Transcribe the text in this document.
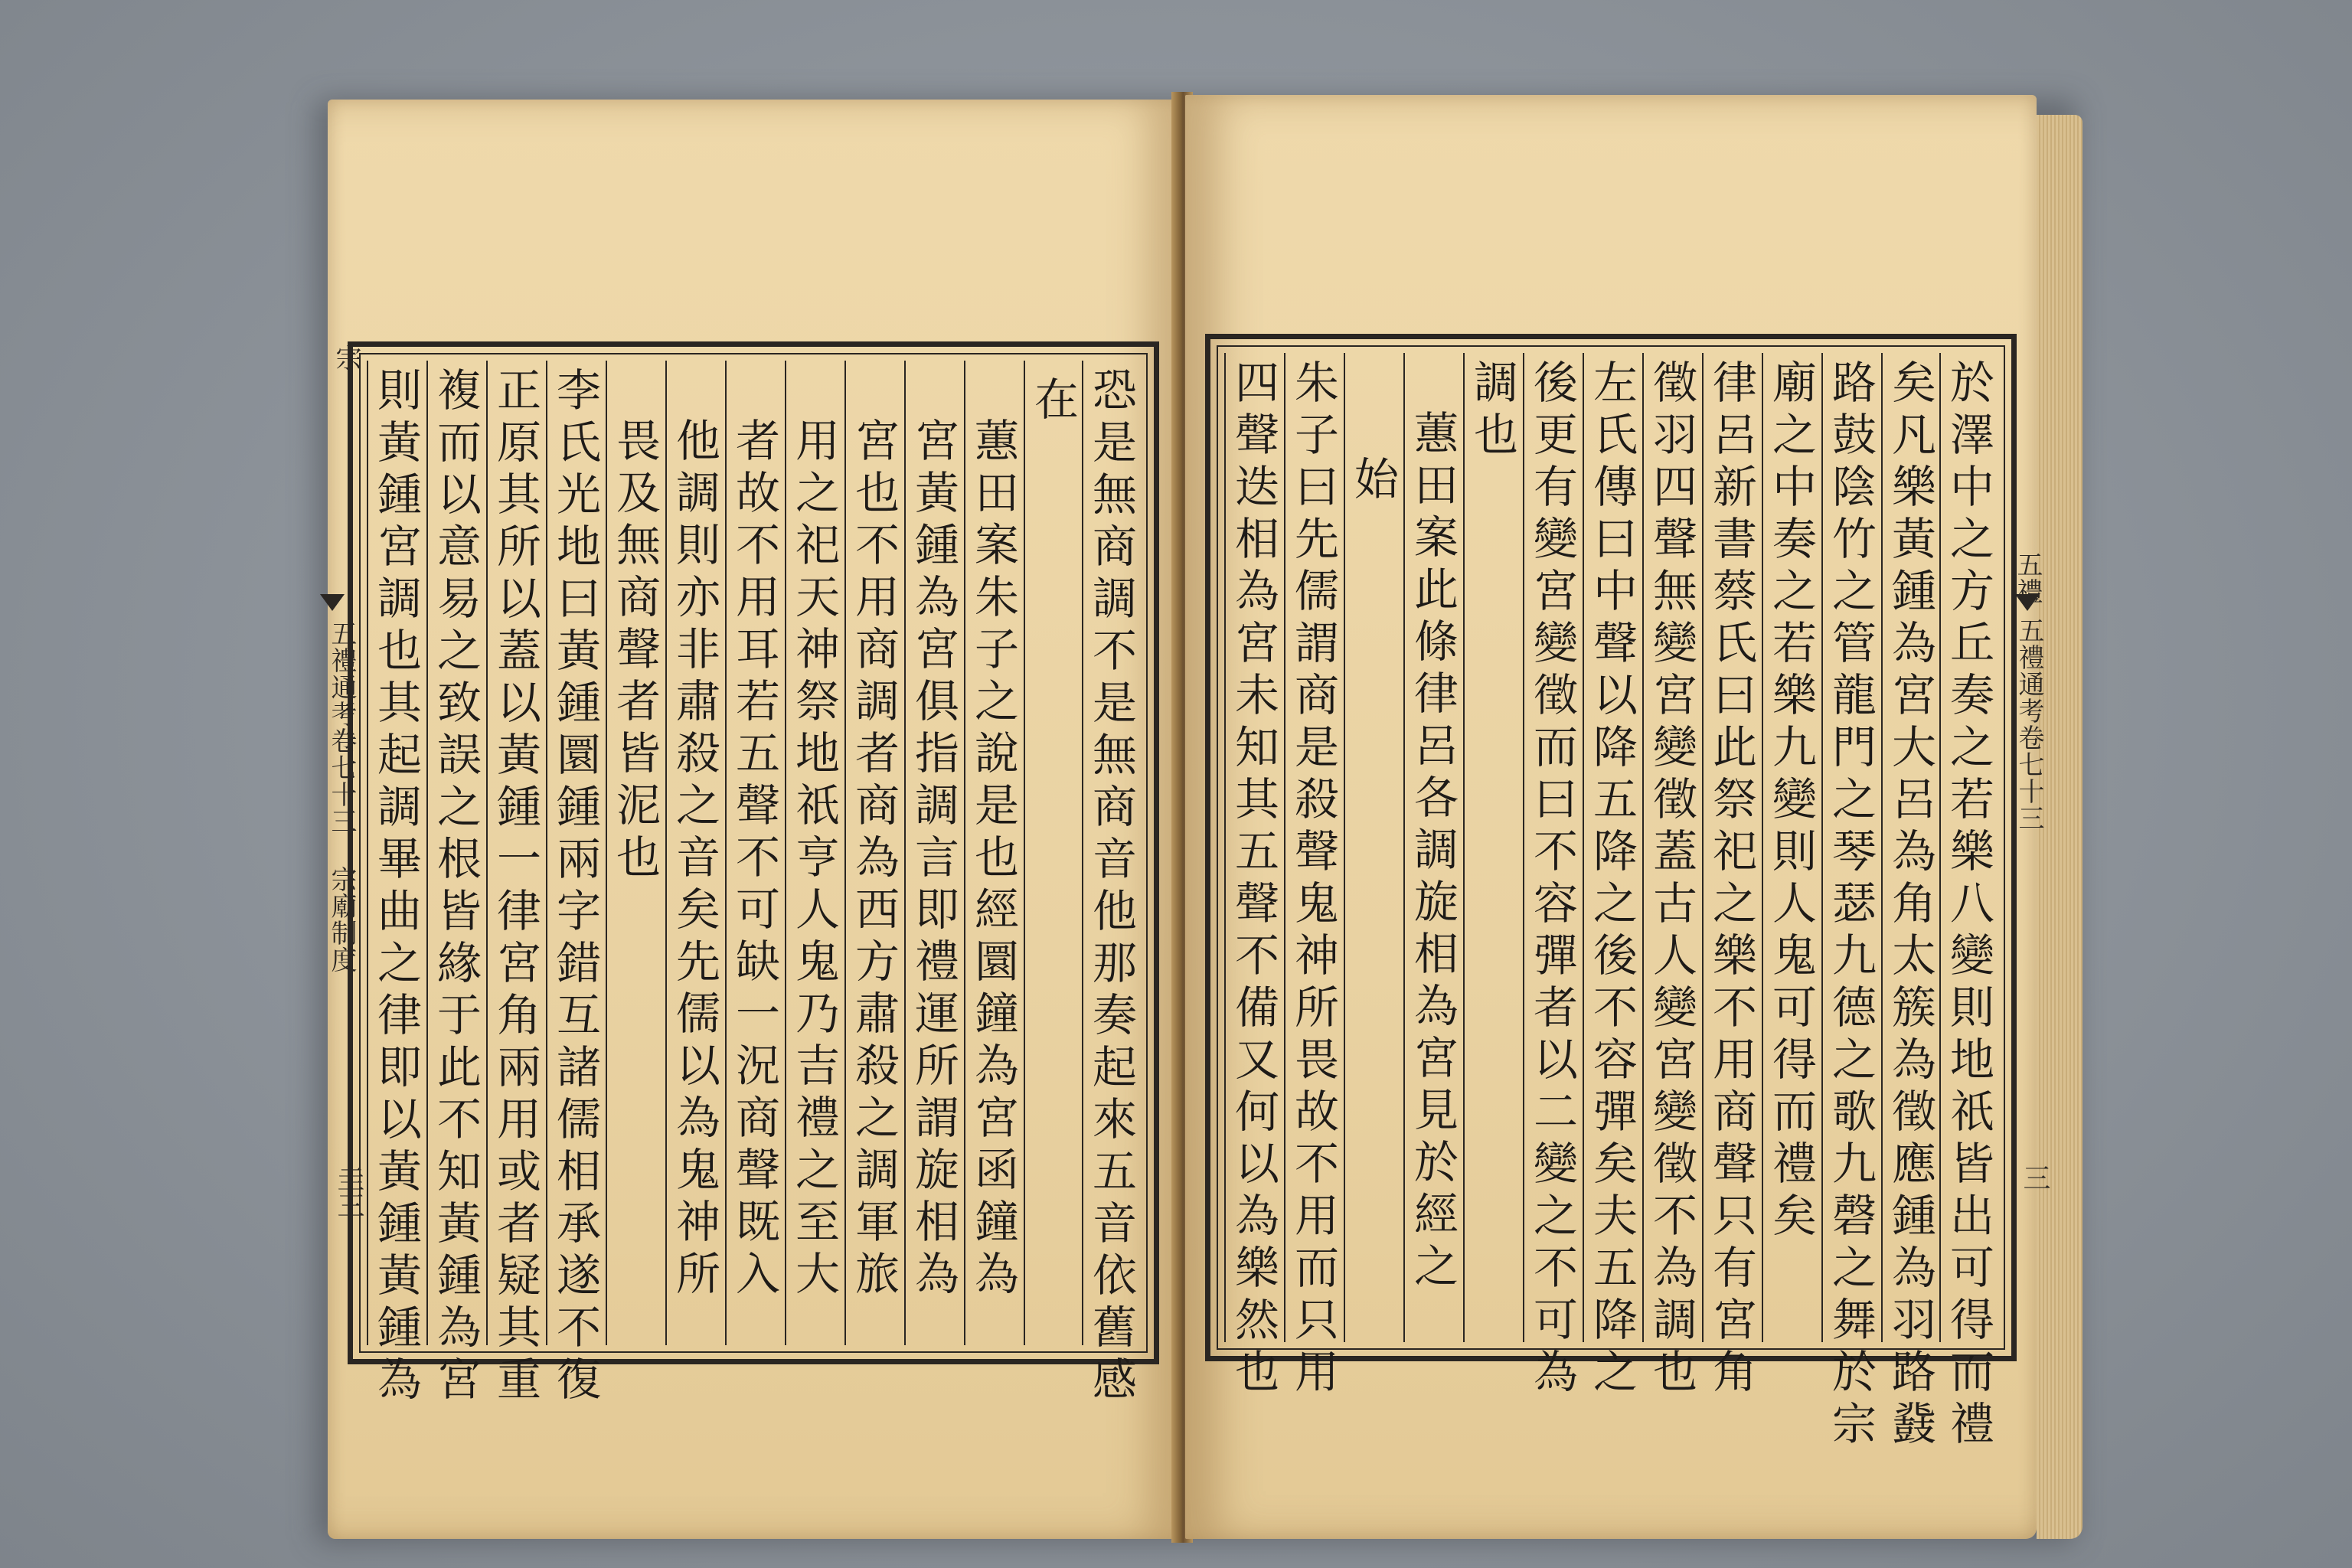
恐是無商調不是無商音他那奏起來五音依舊感
在
蕙田案朱子之說是也經圜鐘為宮函鐘為
宮黃鍾為宮俱指調言即禮運所謂旋相為
宮也不用商調者商為西方肅殺之調軍旅
用之祀天神祭地祇亨人鬼乃吉禮之至大
者故不用耳若五聲不可缺一況商聲既入
他調則亦非肅殺之音矣先儒以為鬼神所
畏及無商聲者皆泥也
李氏光地曰黃鍾圜鍾兩字錯互諸儒相承遂不復
正原其所以蓋以黃鍾一律宮角兩用或者疑其重
複而以意易之致誤之根皆緣于此不知黃鍾為宮
則黃鍾宮調也其起調畢曲之律即以黃鍾黃鍾為
宗
五禮通考卷七十三 宗廟制度
圭三	於澤中之方丘奏之若樂八變則地祇皆出可得而禮
矣凡樂黃鍾為宮大呂為角太簇為徵應鍾為羽路鼗
路鼓陰竹之管龍門之琴瑟九德之歌九磬之舞於宗
廟之中奏之若樂九變則人鬼可得而禮矣
律呂新書蔡氏曰此祭祀之樂不用商聲只有宮角
徵羽四聲無變宮變徵蓋古人變宮變徵不為調也
左氏傳曰中聲以降五降之後不容彈矣夫五降之
後更有變宮變徵而曰不容彈者以二變之不可為
調也
蕙田案此條律呂各調旋相為宮見於經之
始
朱子曰先儒謂商是殺聲鬼神所畏故不用而只用
四聲迭相為宮未知其五聲不備又何以為樂然也	五禮
五禮通考卷七十三
三
